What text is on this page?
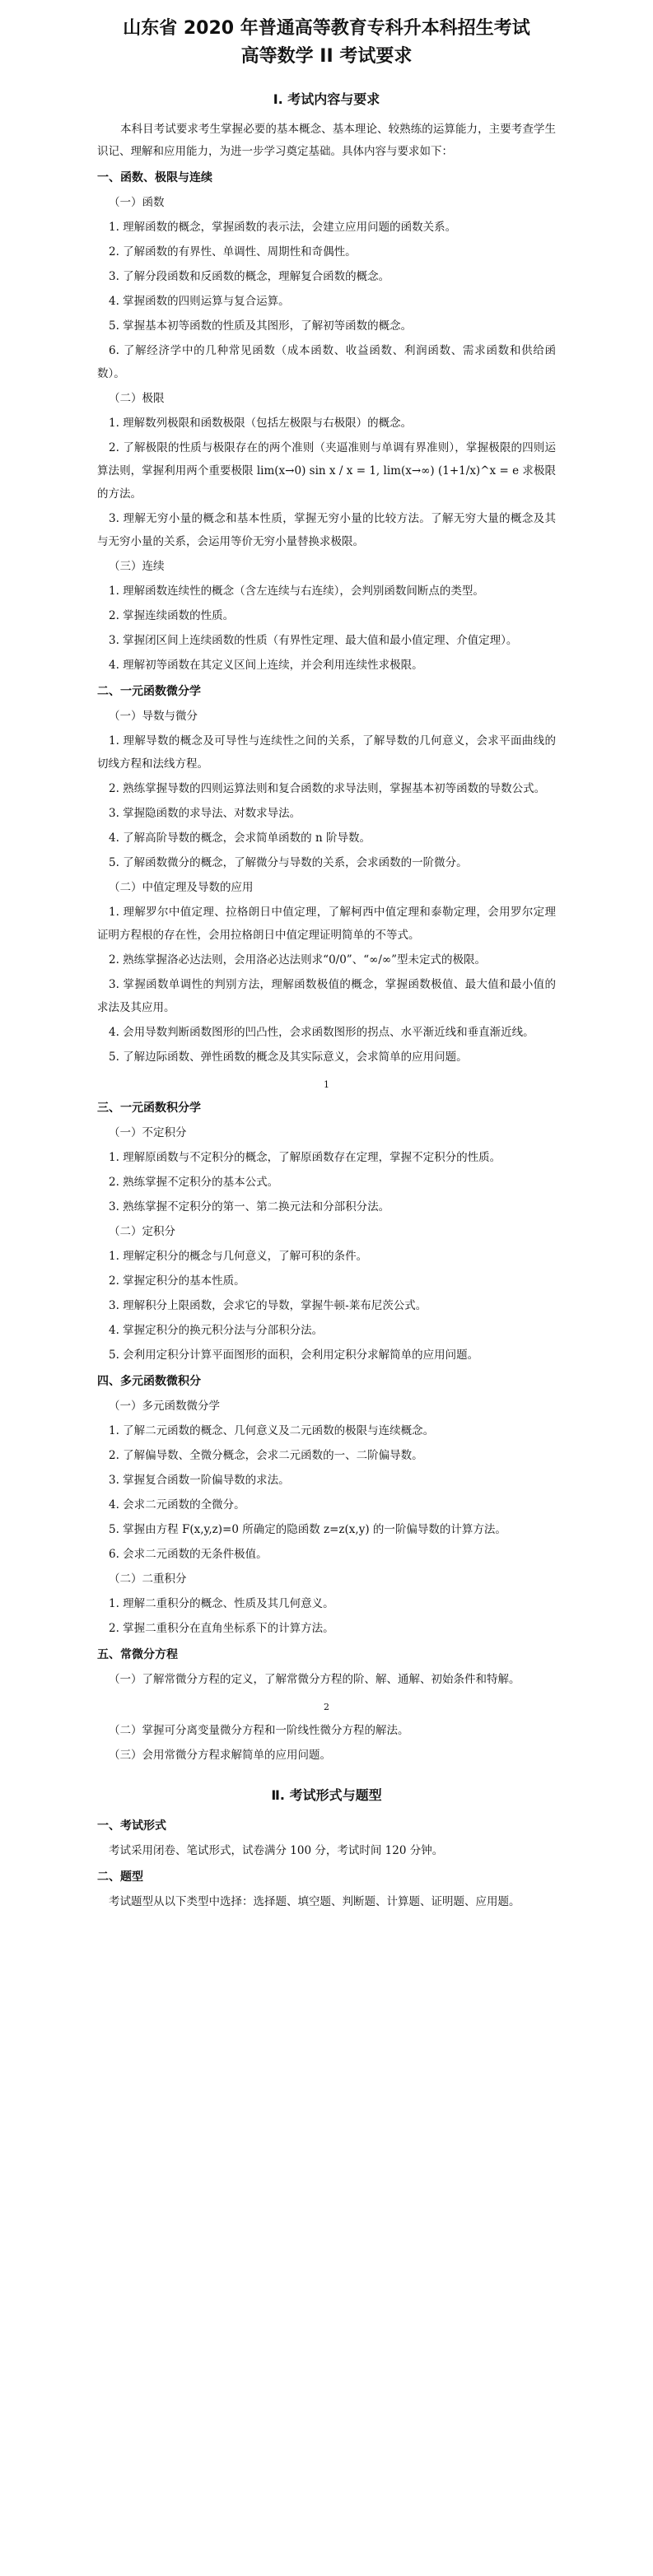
山东省 2020 年普通高等教育专科升本科招生考试
高等数学 II 考试要求
Ⅰ. 考试内容与要求

本科目考试要求考生掌握必要的基本概念、基本理论、较熟练的运算能力，主要考查学生识记、理解和应用能力，为进一步学习奠定基础。具体内容与要求如下：

一、函数、极限与连续
（一）函数

1. 理解函数的概念，掌握函数的表示法，会建立应用问题的函数关系。

2. 了解函数的有界性、单调性、周期性和奇偶性。

3. 了解分段函数和反函数的概念，理解复合函数的概念。

4. 掌握函数的四则运算与复合运算。

5. 掌握基本初等函数的性质及其图形，了解初等函数的概念。

6. 了解经济学中的几种常见函数（成本函数、收益函数、利润函数、需求函数和供给函数）。

（二）极限

1. 理解数列极限和函数极限（包括左极限与右极限）的概念。

2. 了解极限的性质与极限存在的两个准则（夹逼准则与单调有界准则），掌握极限的四则运算法则，掌握利用两个重要极限 lim(x→0) sin x / x = 1, lim(x→∞) (1+1/x)^x = e 求极限的方法。

3. 理解无穷小量的概念和基本性质，掌握无穷小量的比较方法。了解无穷大量的概念及其与无穷小量的关系，会运用等价无穷小量替换求极限。

（三）连续

1. 理解函数连续性的概念（含左连续与右连续），会判别函数间断点的类型。

2. 掌握连续函数的性质。

3. 掌握闭区间上连续函数的性质（有界性定理、最大值和最小值定理、介值定理）。

4. 理解初等函数在其定义区间上连续，并会利用连续性求极限。

二、一元函数微分学
（一）导数与微分

1. 理解导数的概念及可导性与连续性之间的关系，了解导数的几何意义，会求平面曲线的切线方程和法线方程。

2. 熟练掌握导数的四则运算法则和复合函数的求导法则，掌握基本初等函数的导数公式。

3. 掌握隐函数的求导法、对数求导法。

4. 了解高阶导数的概念，会求简单函数的 n 阶导数。

5. 了解函数微分的概念，了解微分与导数的关系，会求函数的一阶微分。

（二）中值定理及导数的应用

1. 理解罗尔中值定理、拉格朗日中值定理，了解柯西中值定理和泰勒定理，会用罗尔定理证明方程根的存在性，会用拉格朗日中值定理证明简单的不等式。

2. 熟练掌握洛必达法则，会用洛必达法则求“0/0”、“∞/∞”型未定式的极限。

3. 掌握函数单调性的判别方法，理解函数极值的概念，掌握函数极值、最大值和最小值的求法及其应用。

4. 会用导数判断函数图形的凹凸性，会求函数图形的拐点、水平渐近线和垂直渐近线。

5. 了解边际函数、弹性函数的概念及其实际意义，会求简单的应用问题。

1
三、一元函数积分学
（一）不定积分

1. 理解原函数与不定积分的概念，了解原函数存在定理，掌握不定积分的性质。

2. 熟练掌握不定积分的基本公式。

3. 熟练掌握不定积分的第一、第二换元法和分部积分法。

（二）定积分

1. 理解定积分的概念与几何意义，了解可积的条件。

2. 掌握定积分的基本性质。

3. 理解积分上限函数，会求它的导数，掌握牛顿-莱布尼茨公式。

4. 掌握定积分的换元积分法与分部积分法。

5. 会利用定积分计算平面图形的面积，会利用定积分求解简单的应用问题。

四、多元函数微积分
（一）多元函数微分学

1. 了解二元函数的概念、几何意义及二元函数的极限与连续概念。

2. 了解偏导数、全微分概念，会求二元函数的一、二阶偏导数。

3. 掌握复合函数一阶偏导数的求法。

4. 会求二元函数的全微分。

5. 掌握由方程 F(x,y,z)=0 所确定的隐函数 z=z(x,y) 的一阶偏导数的计算方法。

6. 会求二元函数的无条件极值。

（二）二重积分

1. 理解二重积分的概念、性质及其几何意义。

2. 掌握二重积分在直角坐标系下的计算方法。

五、常微分方程

（一）了解常微分方程的定义，了解常微分方程的阶、解、通解、初始条件和特解。

2

（二）掌握可分离变量微分方程和一阶线性微分方程的解法。

（三）会用常微分方程求解简单的应用问题。

Ⅱ. 考试形式与题型
一、考试形式

考试采用闭卷、笔试形式，试卷满分 100 分，考试时间 120 分钟。

二、题型

考试题型从以下类型中选择：选择题、填空题、判断题、计算题、证明题、应用题。
